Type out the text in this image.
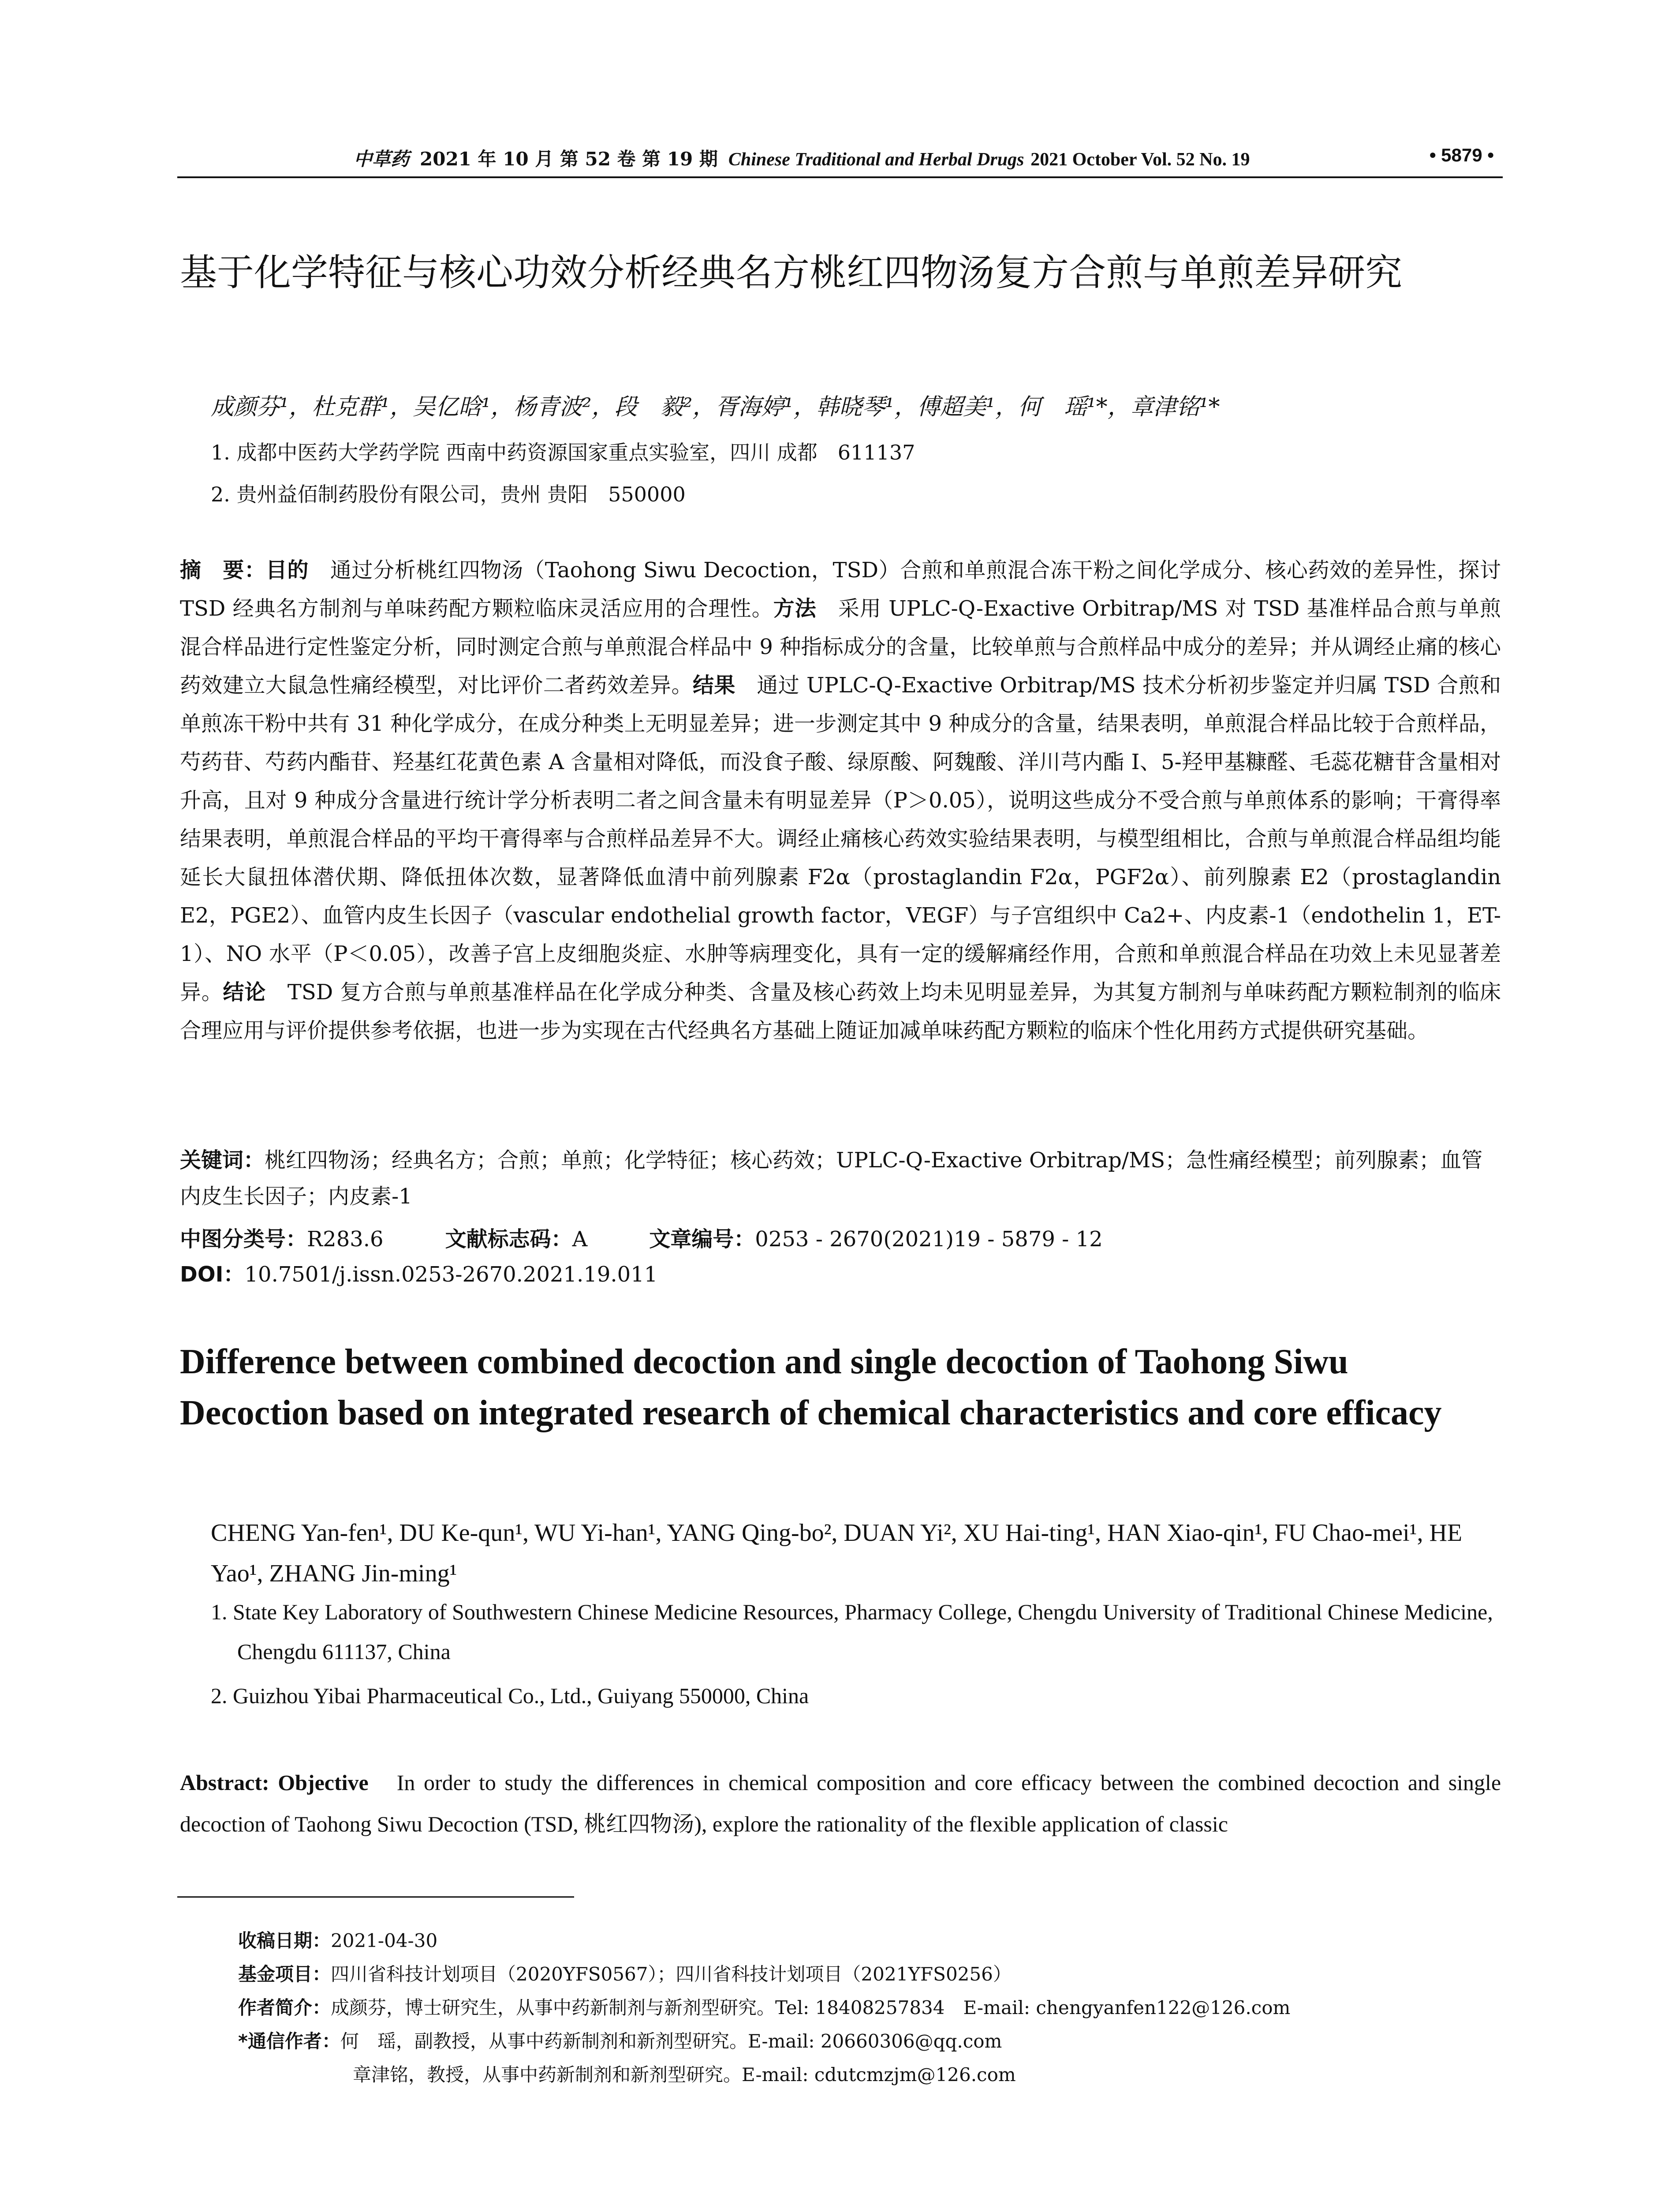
中草药 2021 年 10 月 第 52 卷 第 19 期 Chinese Traditional and Herbal Drugs 2021 October Vol. 52 No. 19	• 5879 •
基于化学特征与核心功效分析经典名方桃红四物汤复方合煎与单煎差异研究
成颜芬¹，杜克群¹，吴亿晗¹，杨青波²，段　毅²，胥海婷¹，韩晓琴¹，傅超美¹，何　瑶¹*，章津铭¹*
1. 成都中医药大学药学院 西南中药资源国家重点实验室，四川 成都　611137
2. 贵州益佰制药股份有限公司，贵州 贵阳　550000
摘　要：目的　 通过分析桃红四物汤（Taohong Siwu Decoction，TSD）合煎和单煎混合冻干粉之间化学成分、核心药效的差异性，探讨 TSD 经典名方制剂与单味药配方颗粒临床灵活应用的合理性。方法　 采用 UPLC-Q-Exactive Orbitrap/MS 对 TSD 基准样品合煎与单煎混合样品进行定性鉴定分析，同时测定合煎与单煎混合样品中 9 种指标成分的含量，比较单煎与合煎样品中成分的差异；并从调经止痛的核心药效建立大鼠急性痛经模型，对比评价二者药效差异。结果　 通过 UPLC-Q-Exactive Orbitrap/MS 技术分析初步鉴定并归属 TSD 合煎和单煎冻干粉中共有 31 种化学成分，在成分种类上无明显差异；进一步测定其中 9 种成分的含量，结果表明，单煎混合样品比较于合煎样品，芍药苷、芍药内酯苷、羟基红花黄色素 A 含量相对降低，而没食子酸、绿原酸、阿魏酸、洋川芎内酯 I、5-羟甲基糠醛、毛蕊花糖苷含量相对升高，且对 9 种成分含量进行统计学分析表明二者之间含量未有明显差异（P＞0.05），说明这些成分不受合煎与单煎体系的影响；干膏得率结果表明，单煎混合样品的平均干膏得率与合煎样品差异不大。调经止痛核心药效实验结果表明，与模型组相比，合煎与单煎混合样品组均能延长大鼠扭体潜伏期、降低扭体次数，显著降低血清中前列腺素 F2α（prostaglandin F2α，PGF2α）、前列腺素 E2（prostaglandin E2，PGE2）、血管内皮生长因子（vascular endothelial growth factor，VEGF）与子宫组织中 Ca2+、内皮素-1（endothelin 1，ET-1）、NO 水平（P＜0.05），改善子宫上皮细胞炎症、水肿等病理变化，具有一定的缓解痛经作用，合煎和单煎混合样品在功效上未见显著差异。结论　 TSD 复方合煎与单煎基准样品在化学成分种类、含量及核心药效上均未见明显差异，为其复方制剂与单味药配方颗粒制剂的临床合理应用与评价提供参考依据，也进一步为实现在古代经典名方基础上随证加减单味药配方颗粒的临床个性化用药方式提供研究基础。
关键词：桃红四物汤；经典名方；合煎；单煎；化学特征；核心药效；UPLC-Q-Exactive Orbitrap/MS；急性痛经模型；前列腺素；血管内皮生长因子；内皮素-1
中图分类号：R283.6	文献标志码：A	文章编号：0253 - 2670(2021)19 - 5879 - 12
DOI：10.7501/j.issn.0253-2670.2021.19.011
Difference between combined decoction and single decoction of Taohong Siwu Decoction based on integrated research of chemical characteristics and core efficacy
CHENG Yan-fen¹, DU Ke-qun¹, WU Yi-han¹, YANG Qing-bo², DUAN Yi², XU Hai-ting¹, HAN Xiao-qin¹, FU Chao-mei¹, HE Yao¹, ZHANG Jin-ming¹
1. State Key Laboratory of Southwestern Chinese Medicine Resources, Pharmacy College, Chengdu University of Traditional Chinese Medicine, Chengdu 611137, China
2. Guizhou Yibai Pharmaceutical Co., Ltd., Guiyang 550000, China
Abstract: Objective　 In order to study the differences in chemical composition and core efficacy between the combined decoction and single decoction of Taohong Siwu Decoction (TSD, 桃红四物汤), explore the rationality of the flexible application of classic
收稿日期：2021-04-30
基金项目：四川省科技计划项目（2020YFS0567）；四川省科技计划项目（2021YFS0256）
作者简介：成颜芬，博士研究生，从事中药新制剂与新剂型研究。Tel: 18408257834　E-mail: chengyanfen122@126.com
*通信作者：何　瑶，副教授，从事中药新制剂和新剂型研究。E-mail: 20660306@qq.com
章津铭，教授，从事中药新制剂和新剂型研究。E-mail: cdutcmzjm@126.com
